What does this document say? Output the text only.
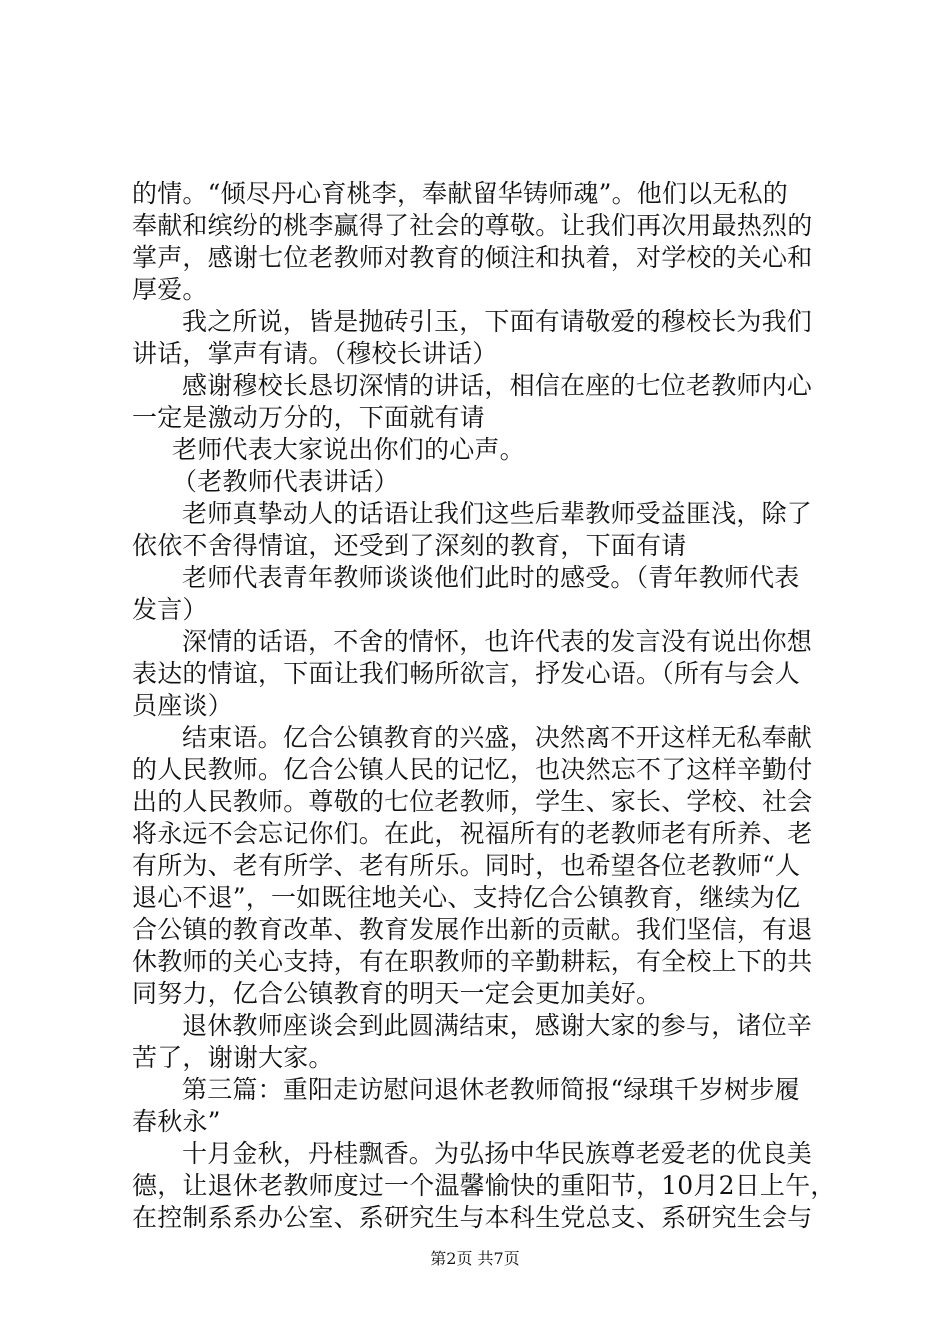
的情。“倾尽丹心育桃李，奉献留华铸师魂”。他们以无私的
奉献和缤纷的桃李赢得了社会的尊敬。让我们再次用最热烈的
掌声，感谢七位老教师对教育的倾注和执着，对学校的关心和
厚爱。
我之所说，皆是抛砖引玉，下面有请敬爱的穆校长为我们
讲话，掌声有请。（穆校长讲话）
感谢穆校长恳切深情的讲话，相信在座的七位老教师内心
一定是激动万分的，下面就有请
老师代表大家说出你们的心声。
（老教师代表讲话）
老师真挚动人的话语让我们这些后辈教师受益匪浅，除了
依依不舍得情谊，还受到了深刻的教育，下面有请
老师代表青年教师谈谈他们此时的感受。（青年教师代表
发言）
深情的话语，不舍的情怀，也许代表的发言没有说出你想
表达的情谊，下面让我们畅所欲言，抒发心语。（所有与会人
员座谈）
结束语。亿合公镇教育的兴盛，决然离不开这样无私奉献
的人民教师。亿合公镇人民的记忆，也决然忘不了这样辛勤付
出的人民教师。尊敬的七位老教师，学生、家长、学校、社会
将永远不会忘记你们。在此，祝福所有的老教师老有所养、老
有所为、老有所学、老有所乐。同时，也希望各位老教师“人
退心不退”，一如既往地关心、支持亿合公镇教育，继续为亿
合公镇的教育改革、教育发展作出新的贡献。我们坚信，有退
休教师的关心支持，有在职教师的辛勤耕耘，有全校上下的共
同努力，亿合公镇教育的明天一定会更加美好。
退休教师座谈会到此圆满结束，感谢大家的参与，诸位辛
苦了，谢谢大家。
第三篇：重阳走访慰问退休老教师简报“绿琪千岁树步履
春秋永”
十月金秋，丹桂飘香。为弘扬中华民族尊老爱老的优良美
德，让退休老教师度过一个温馨愉快的重阳节，10月2日上午，
在控制系系办公室、系研究生与本科生党总支、系研究生会与
第2页 共7页
